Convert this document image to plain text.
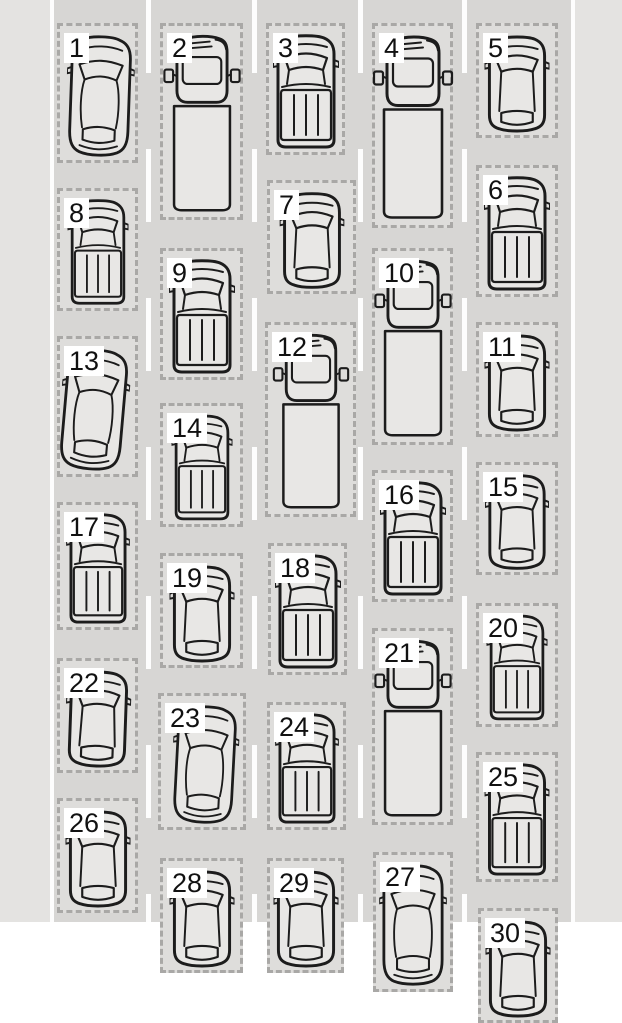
1	2	3	4	5
6
7
8
9	10
11
12
13
14
15
16
17
18
19
20
21
22
23	24
25
26
27
28	29
30
